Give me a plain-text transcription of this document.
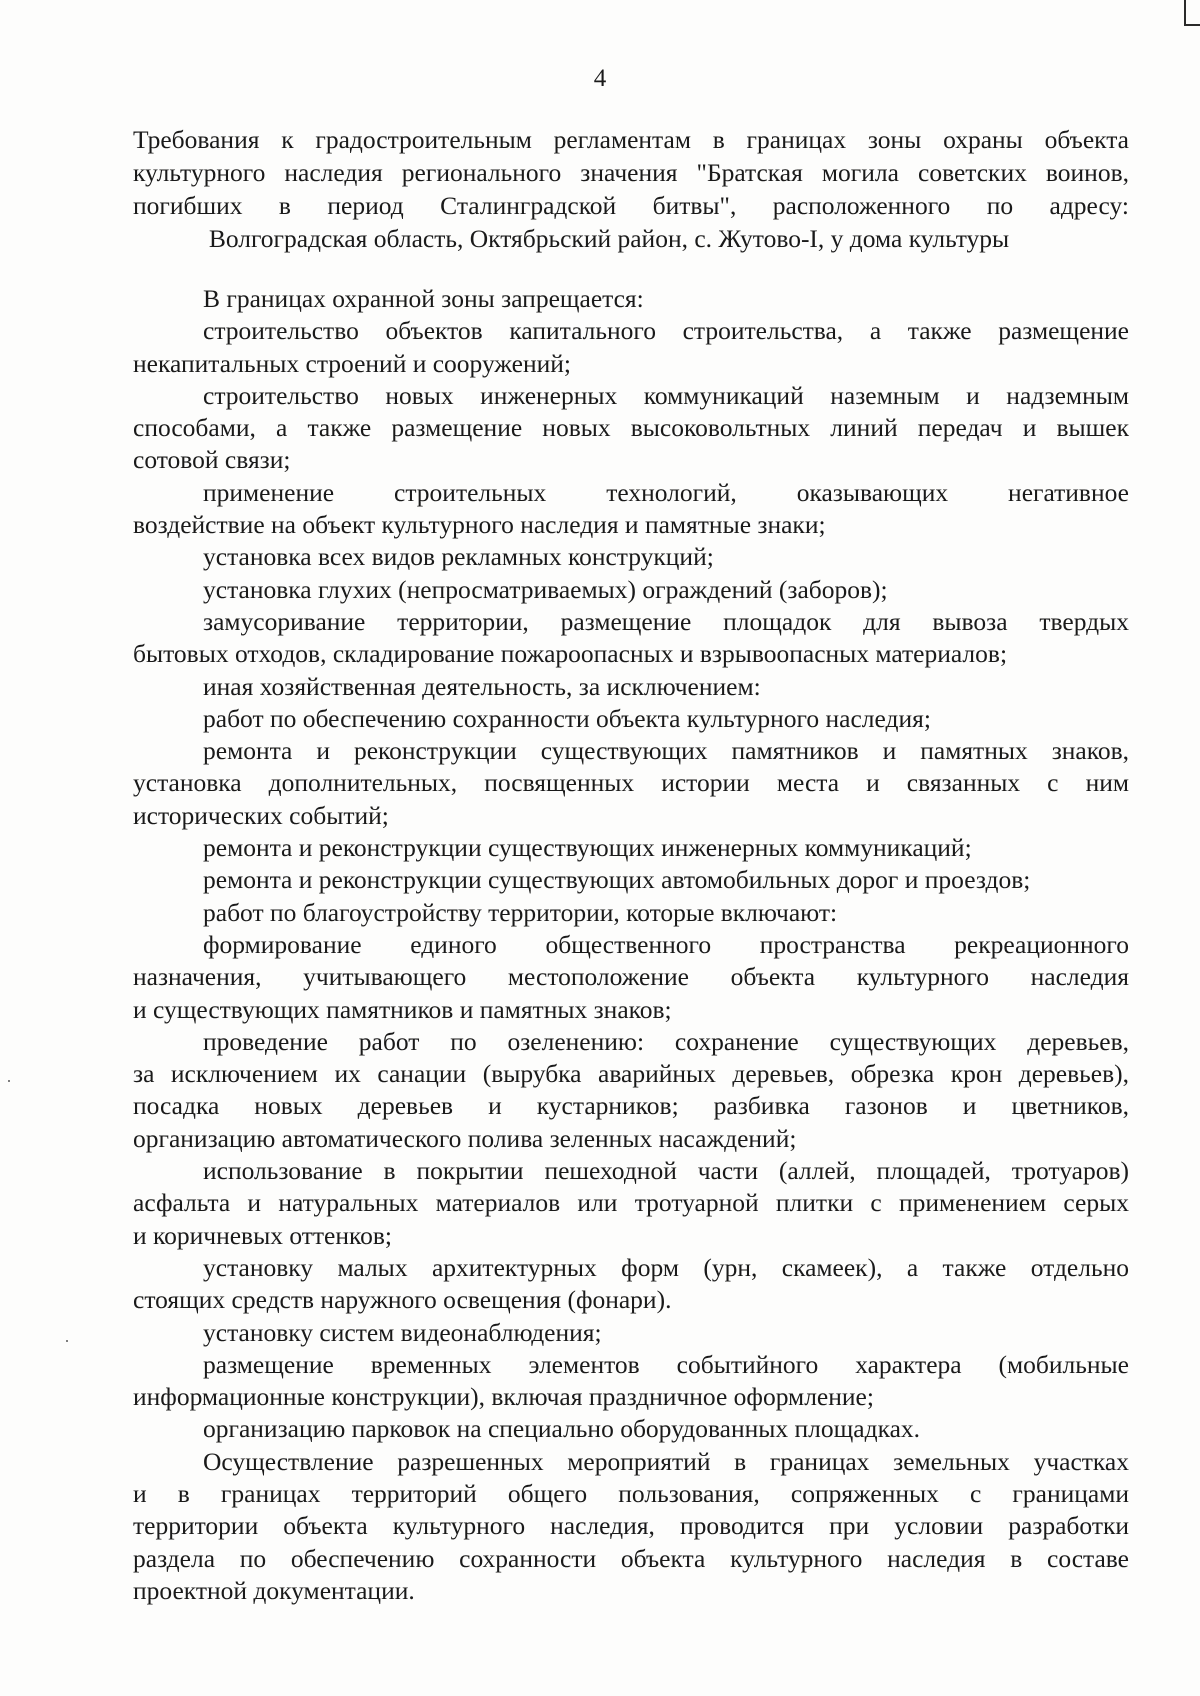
4
Требования к градостроительным регламентам в границах зоны охраны объекта
культурного наследия регионального значения "Братская могила советских воинов,
погибших в период Сталинградской битвы", расположенного по адресу:
Волгоградская область, Октябрьский район, с. Жутово-I, у дома культуры
В границах охранной зоны запрещается:
строительство объектов капитального строительства, а также размещение
некапитальных строений и сооружений;
строительство новых инженерных коммуникаций наземным и надземным
способами, а также размещение новых высоковольтных линий передач и вышек
сотовой связи;
применение строительных технологий, оказывающих негативное
воздействие на объект культурного наследия и памятные знаки;
установка всех видов рекламных конструкций;
установка глухих (непросматриваемых) ограждений (заборов);
замусоривание территории, размещение площадок для вывоза твердых
бытовых отходов, складирование пожароопасных и взрывоопасных материалов;
иная хозяйственная деятельность, за исключением:
работ по обеспечению сохранности объекта культурного наследия;
ремонта и реконструкции существующих памятников и памятных знаков,
установка дополнительных, посвященных истории места и связанных с ним
исторических событий;
ремонта и реконструкции существующих инженерных коммуникаций;
ремонта и реконструкции существующих автомобильных дорог и проездов;
работ по благоустройству территории, которые включают:
формирование единого общественного пространства рекреационного
назначения, учитывающего местоположение объекта культурного наследия
и существующих памятников и памятных знаков;
проведение работ по озеленению: сохранение существующих деревьев,
за исключением их санации (вырубка аварийных деревьев, обрезка крон деревьев),
посадка новых деревьев и кустарников; разбивка газонов и цветников,
организацию автоматического полива зеленных насаждений;
использование в покрытии пешеходной части (аллей, площадей, тротуаров)
асфальта и натуральных материалов или тротуарной плитки с применением серых
и коричневых оттенков;
установку малых архитектурных форм (урн, скамеек), а также отдельно
стоящих средств наружного освещения (фонари).
установку систем видеонаблюдения;
размещение временных элементов событийного характера (мобильные
информационные конструкции), включая праздничное оформление;
организацию парковок на специально оборудованных площадках.
Осуществление разрешенных мероприятий в границах земельных участках
и в границах территорий общего пользования, сопряженных с границами
территории объекта культурного наследия, проводится при условии разработки
раздела по обеспечению сохранности объекта культурного наследия в составе
проектной документации.
